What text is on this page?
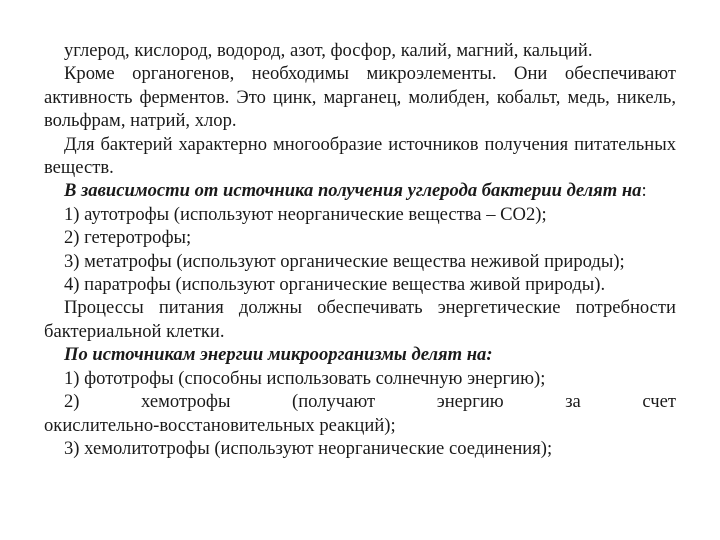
углерод, кислород, водород, азот, фосфор, калий, магний, кальций.

Кроме органогенов, необходимы микроэлементы. Они обеспечивают активность ферментов. Это цинк, марганец, молибден, кобальт, медь, никель, вольфрам, натрий, хлор.

Для бактерий характерно многообразие источников получения питательных веществ.

В зависимости от источника получения углерода бактерии делят на:

1) аутотрофы (используют неорганические вещества – СО2);

2) гетеротрофы;

3) метатрофы (используют органические вещества неживой природы);

4) паратрофы (используют органические вещества живой природы).

Процессы питания должны обеспечивать энергетические потребности бактериальной клетки.

По источникам энергии микроорганизмы делят на:

1) фототрофы (способны использовать солнечную энергию);

2) хемотрофы (получают энергию за счет

окислительно-восстановительных реакций);

3) хемолитотрофы (используют неорганические соединения);
